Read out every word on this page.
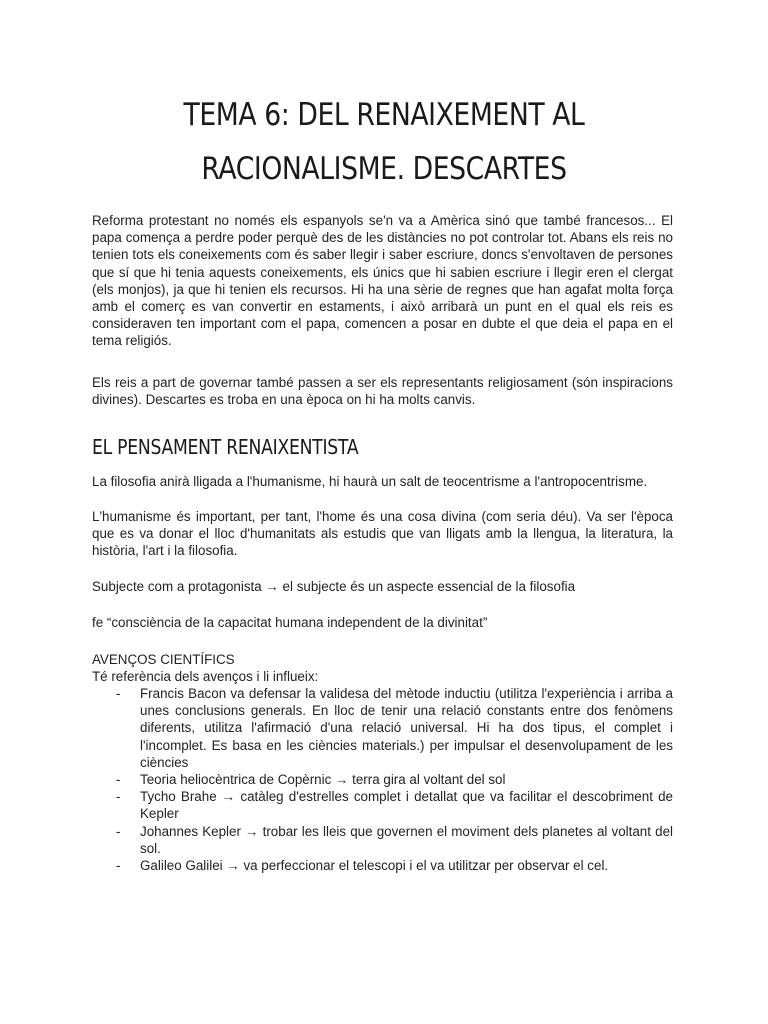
TEMA 6: DEL RENAIXEMENT AL
RACIONALISME. DESCARTES

Reforma protestant no només els espanyols se'n va a Amèrica sinó que també francesos... El papa comença a perdre poder perquè des de les distàncies no pot controlar tot. Abans els reis no tenien tots els coneixements com és saber llegir i saber escriure, doncs s'envoltaven de persones que sí que hi tenia aquests coneixements, els únics que hi sabien escriure i llegir eren el clergat (els monjos), ja que hi tenien els recursos. Hi ha una sèrie de regnes que han agafat molta força amb el comerç es van convertir en estaments, i això arribarà un punt en el qual els reis es consideraven ten important com el papa, comencen a posar en dubte el que deia el papa en el tema religiós.

Els reis a part de governar també passen a ser els representants religiosament (són inspiracions divines). Descartes es troba en una època on hi ha molts canvis.

EL PENSAMENT RENAIXENTISTA

La filosofia anirà lligada a l'humanisme, hi haurà un salt de teocentrisme a l'antropocentrisme.

L'humanisme és important, per tant, l'home és una cosa divina (com seria déu). Va ser l'època que es va donar el lloc d'humanitats als estudis que van lligats amb la llengua, la literatura, la història, l'art i la filosofia.

Subjecte com a protagonista → el subjecte és un aspecte essencial de la filosofia

fe “consciència de la capacitat humana independent de la divinitat”

AVENÇOS CIENTÍFICS
Té referència dels avenços i li influeix:
- Francis Bacon va defensar la validesa del mètode inductiu (utilitza l'experiència i arriba a unes conclusions generals. En lloc de tenir una relació constants entre dos fenòmens diferents, utilitza l'afirmació d'una relació universal. Hi ha dos tipus, el complet i l'incomplet. Es basa en les ciències materials.) per impulsar el desenvolupament de les ciències
- Teoria heliocèntrica de Copèrnic → terra gira al voltant del sol
- Tycho Brahe → catàleg d'estrelles complet i detallat que va facilitar el descobriment de Kepler
- Johannes Kepler → trobar les lleis que governen el moviment dels planetes al voltant del sol.
- Galileo Galilei → va perfeccionar el telescopi i el va utilitzar per observar el cel.
